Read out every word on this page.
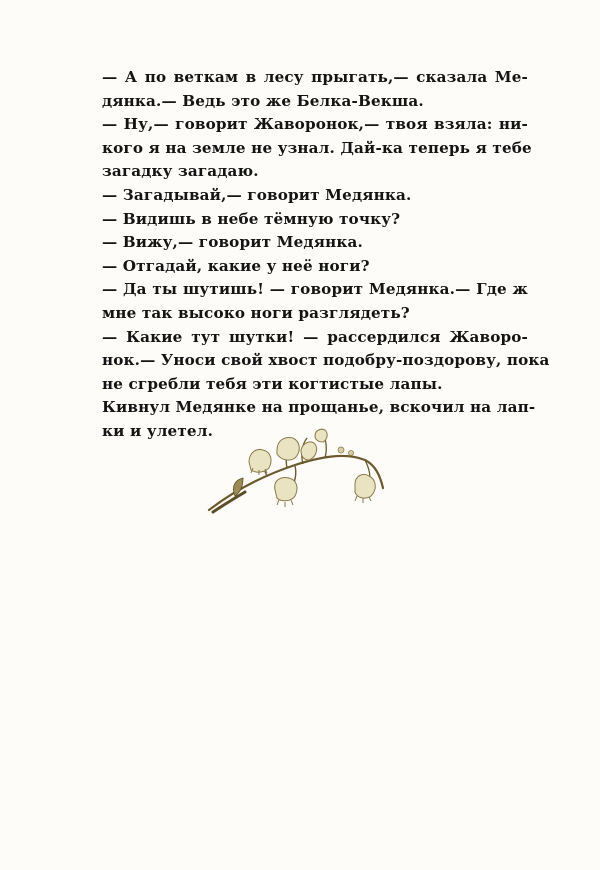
— А по веткам в лесу прыгать,— сказала Ме-
дянка.— Ведь это же Белка-Векша.
— Ну,— говорит Жаворонок,— твоя взяла: ни-
кого я на земле не узнал. Дай-ка теперь я тебе
загадку загадаю.
— Загадывай,— говорит Медянка.
— Видишь в небе тёмную точку?
— Вижу,— говорит Медянка.
— Отгадай, какие у неё ноги?
— Да ты шутишь! — говорит Медянка.— Где ж
мне так высоко ноги разглядеть?
— Какие тут шутки! — рассердился Жаворо-
нок.— Уноси свой хвост подобру-поздорову, пока
не сгребли тебя эти когтистые лапы.
Кивнул Медянке на прощанье, вскочил на лап-
ки и улетел.
